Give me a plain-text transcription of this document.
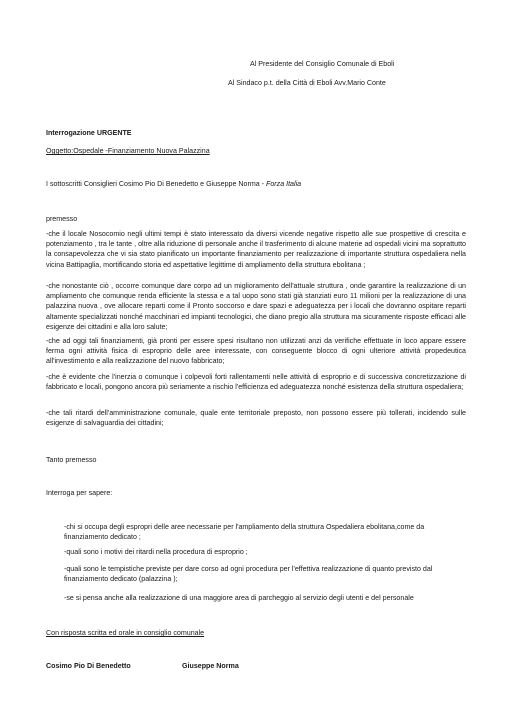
Al Presidente del Consiglio Comunale di Eboli
Al Sindaco p.t. della Città di Eboli Avv.Mario Conte
Interrogazione URGENTE
Oggetto:Ospedale -Finanziamento Nuova Palazzina
I sottoscritti Consiglieri Cosimo Pio Di Benedetto e Giuseppe Norma - Forza Italia
premesso
-che il locale Nosocomio negli ultimi tempi è stato interessato da diversi vicende negative rispetto alle sue prospettive di crescita e potenziamento , tra le tante , oltre alla riduzione di personale anche il trasferimento di alcune materie ad ospedali vicini ma soprattutto la consapevolezza che vi sia stato pianificato un importante finanziamento per realizzazione di importante struttura ospedaliera nella vicina Battipaglia, mortificando storia ed aspettative legittime di ampliamento della struttura ebolitana ;
-che nonostante ciò , occorre comunque dare corpo ad un miglioramento dell'attuale struttura , onde garantire la realizzazione di un ampliamento che comunque renda efficiente la stessa e a tal uopo sono stati già stanziati euro 11 milioni per la realizzazione di una palazzina nuova , ove allocare reparti come il Pronto soccorso e dare spazi e adeguatezza per i locali che dovranno ospitare reparti altamente specializzati nonché macchinari ed impianti tecnologici, che diano pregio alla struttura ma sicuramente risposte efficaci alle esigenze dei cittadini e alla loro salute;
-che ad oggi tali finanziamenti, già pronti per essere spesi risultano non utilizzati anzi da verifiche effettuate in loco appare essere ferma ogni attività fisica di esproprio delle aree interessate, con conseguente blocco di ogni ulteriore attività propedeutica all'investimento e alla realizzazione del nuovo fabbricato;
-che è evidente che l'inerzia o comunque i colpevoli forti rallentamenti nelle attività di esproprio e di successiva concretizzazione di fabbricato e locali, pongono ancora più seriamente a rischio l'efficienza ed adeguatezza nonché esistenza della struttura ospedaliera;
-che tali ritardi dell'amministrazione comunale, quale ente territoriale preposto, non possono essere più tollerati, incidendo sulle esigenze di salvaguardia dei cittadini;
Tanto premesso
Interroga per sapere:
-chi si occupa degli espropri delle aree necessarie per l'ampliamento della struttura Ospedaliera ebolitana,come da finanziamento dedicato ;
-quali sono i motivi dei ritardi nella procedura di esproprio ;
-quali sono le tempistiche previste per dare corso ad ogni procedura per l'effettiva realizzazione di quanto previsto dal finanziamento dedicato (palazzina );
-se si pensa anche alla realizzazione di una maggiore area di parcheggio al servizio degli utenti e del personale
Con risposta scritta ed orale in consiglio comunale
Cosimo Pio Di Benedetto	Giuseppe Norma
